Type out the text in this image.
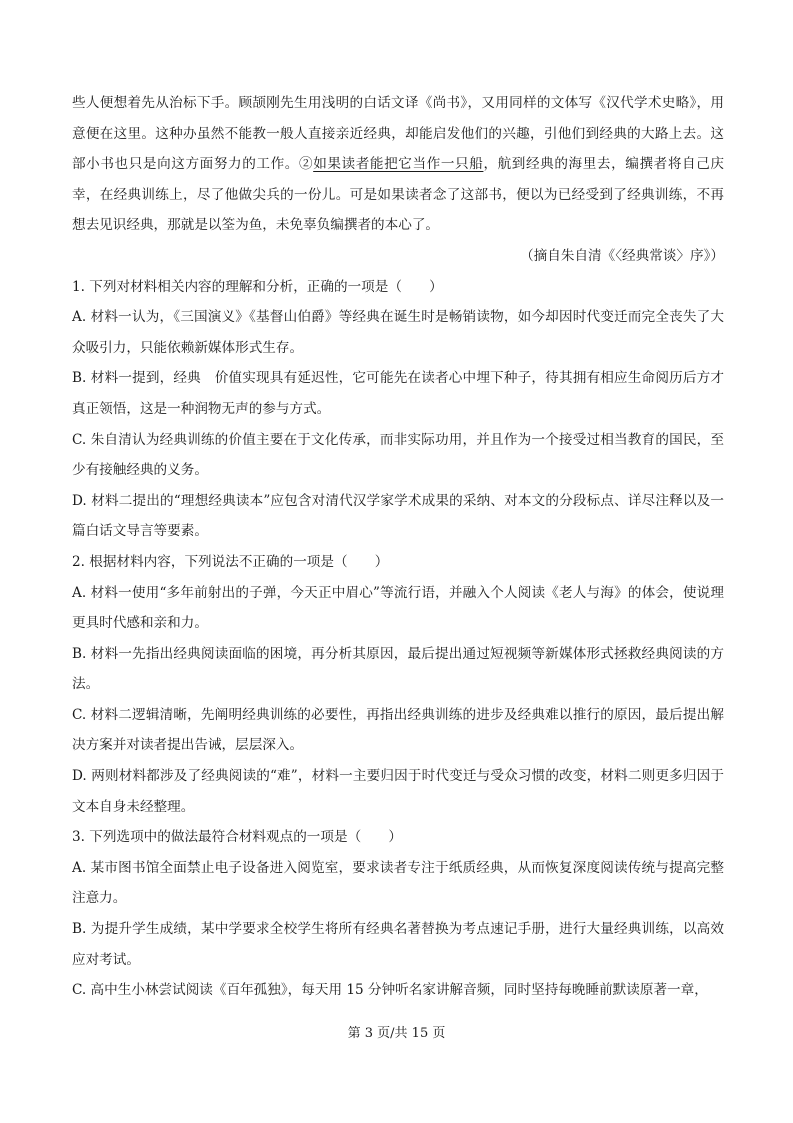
些人便想着先从治标下手。顾颉刚先生用浅明的白话文译《尚书》，又用同样的文体写《汉代学术史略》，用意便在这里。这种办虽然不能教一般人直接亲近经典，却能启发他们的兴趣，引他们到经典的大路上去。这部小书也只是向这方面努力的工作。②如果读者能把它当作一只船，航到经典的海里去，编撰者将自己庆幸，在经典训练上，尽了他做尖兵的一份儿。可是如果读者念了这部书，便以为已经受到了经典训练，不再想去见识经典，那就是以筌为鱼，未免辜负编撰者的本心了。

（摘自朱自清《〈经典常谈〉序》）

1. 下列对材料相关内容的理解和分析，正确的一项是（　　）

A. 材料一认为，《三国演义》《基督山伯爵》等经典在诞生时是畅销读物，如今却因时代变迁而完全丧失了大众吸引力，只能依赖新媒体形式生存。

B. 材料一提到，经典　价值实现具有延迟性，它可能先在读者心中埋下种子，待其拥有相应生命阅历后方才真正领悟，这是一种润物无声的参与方式。

C. 朱自清认为经典训练的价值主要在于文化传承，而非实际功用，并且作为一个接受过相当教育的国民，至少有接触经典的义务。

D. 材料二提出的“理想经典读本”应包含对清代汉学家学术成果的采纳、对本文的分段标点、详尽注释以及一篇白话文导言等要素。

2. 根据材料内容，下列说法不正确的一项是（　　）

A. 材料一使用“多年前射出的子弹，今天正中眉心”等流行语，并融入个人阅读《老人与海》的体会，使说理更具时代感和亲和力。

B. 材料一先指出经典阅读面临的困境，再分析其原因，最后提出通过短视频等新媒体形式拯救经典阅读的方法。

C. 材料二逻辑清晰，先阐明经典训练的必要性，再指出经典训练的进步及经典难以推行的原因，最后提出解决方案并对读者提出告诫，层层深入。

D. 两则材料都涉及了经典阅读的“难”，材料一主要归因于时代变迁与受众习惯的改变，材料二则更多归因于文本自身未经整理。

3. 下列选项中的做法最符合材料观点的一项是（　　）

A. 某市图书馆全面禁止电子设备进入阅览室，要求读者专注于纸质经典，从而恢复深度阅读传统与提高完整注意力。

B. 为提升学生成绩，某中学要求全校学生将所有经典名著替换为考点速记手册，进行大量经典训练，以高效应对考试。

C. 高中生小林尝试阅读《百年孤独》，每天用 15 分钟听名家讲解音频，同时坚持每晚睡前默读原著一章，

第 3 页/共 15 页
